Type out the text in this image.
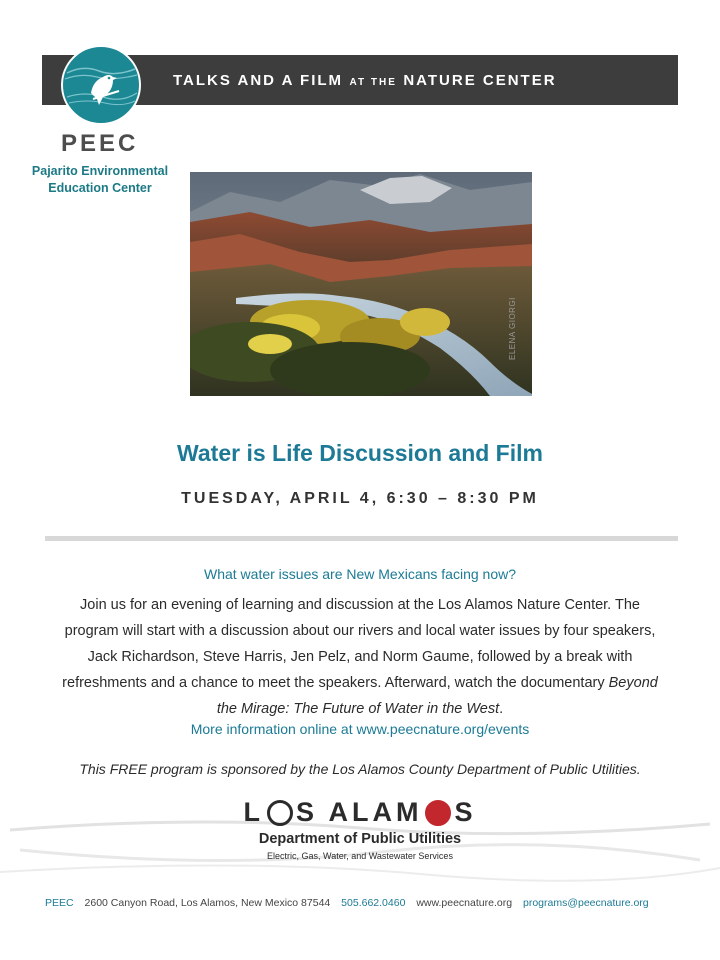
TALKS AND A FILM AT THE NATURE CENTER
PEEC
Pajarito Environmental
Education Center
ELENA GIORGI
Water is Life Discussion and Film
TUESDAY, APRIL 4, 6:30 – 8:30 PM
What water issues are New Mexicans facing now?
Join us for an evening of learning and discussion at the Los Alamos Nature Center. The program will start with a discussion about our rivers and local water issues by four speakers, Jack Richardson, Steve Harris, Jen Pelz, and Norm Gaume, followed by a break with refreshments and a chance to meet the speakers. Afterward, watch the documentary Beyond the Mirage: The Future of Water in the West.
More information online at www.peecnature.org/events
This FREE program is sponsored by the Los Alamos County Department of Public Utilities.
L S ALAM S
Department of Public Utilities
Electric, Gas, Water, and Wastewater Services
PEEC 2600 Canyon Road, Los Alamos, New Mexico 87544 505.662.0460 www.peecnature.org programs@peecnature.org
